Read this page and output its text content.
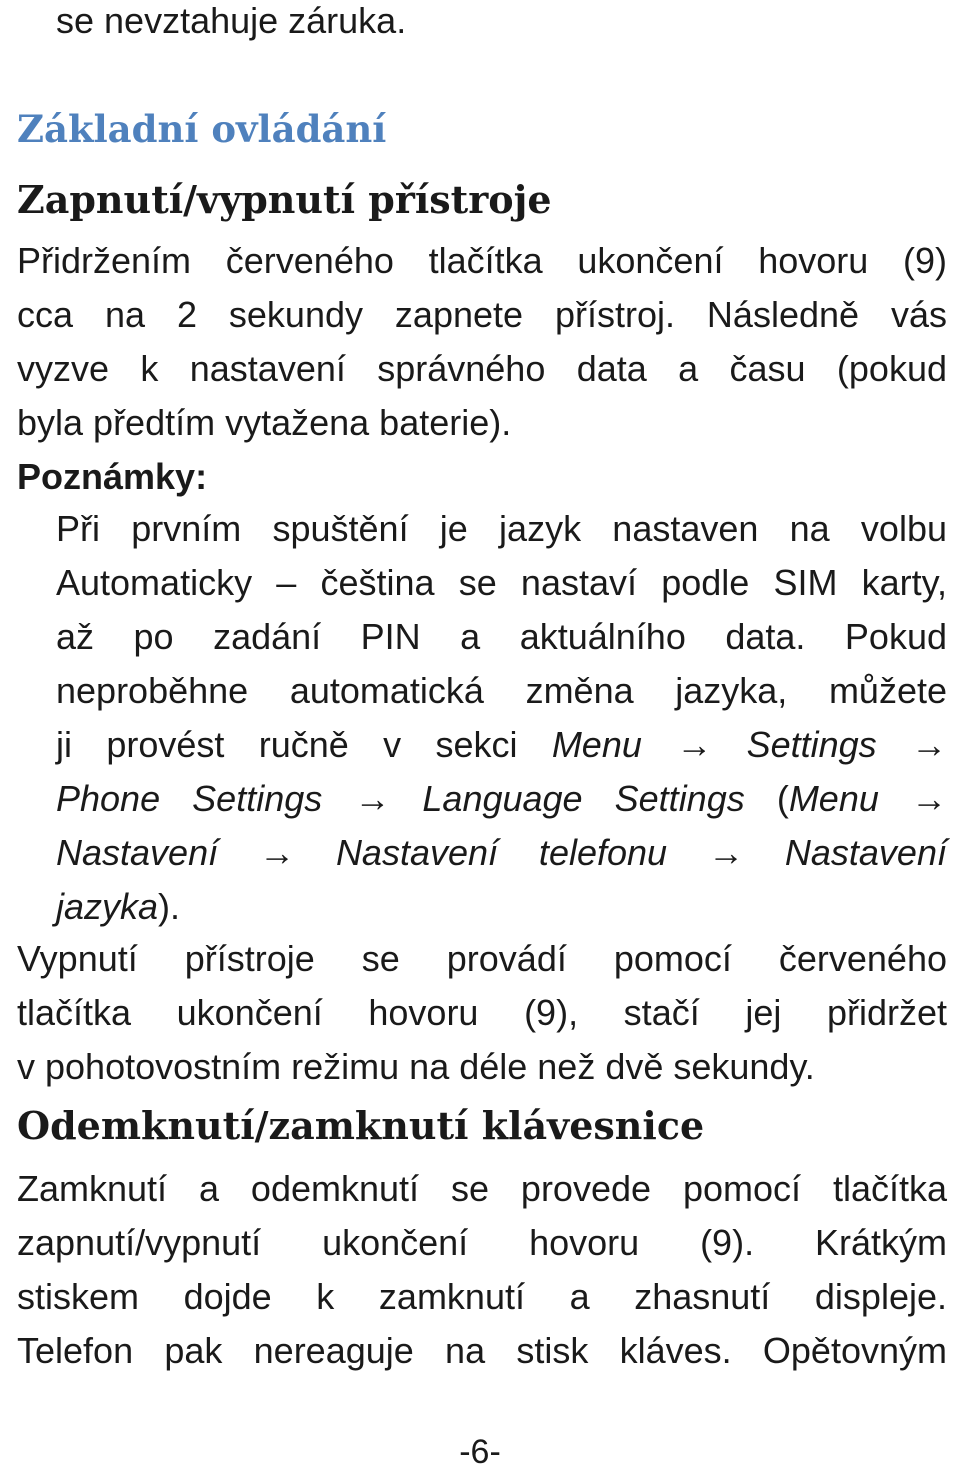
se nevztahuje záruka.
Základní ovládání
Zapnutí/vypnutí přístroje
Přidržením červeného tlačítka ukončení hovoru (9)
cca na 2 sekundy zapnete přístroj. Následně vás
vyzve k nastavení správného data a času (pokud
byla předtím vytažena baterie).
Poznámky:
Při prvním spuštění je jazyk nastaven na volbu
Automaticky – čeština se nastaví podle SIM karty,
až po zadání PIN a aktuálního data. Pokud
neproběhne automatická změna jazyka, můžete
ji provést ručně v sekci Menu → Settings →
Phone Settings → Language Settings (Menu →
Nastavení → Nastavení telefonu → Nastavení
jazyka).
Vypnutí přístroje se provádí pomocí červeného
tlačítka ukončení hovoru (9), stačí jej přidržet
v pohotovostním režimu na déle než dvě sekundy.
Odemknutí/zamknutí klávesnice
Zamknutí a odemknutí se provede pomocí tlačítka
zapnutí/vypnutí ukončení hovoru (9). Krátkým
stiskem dojde k zamknutí a zhasnutí displeje.
Telefon pak nereaguje na stisk kláves. Opětovným
-6-
